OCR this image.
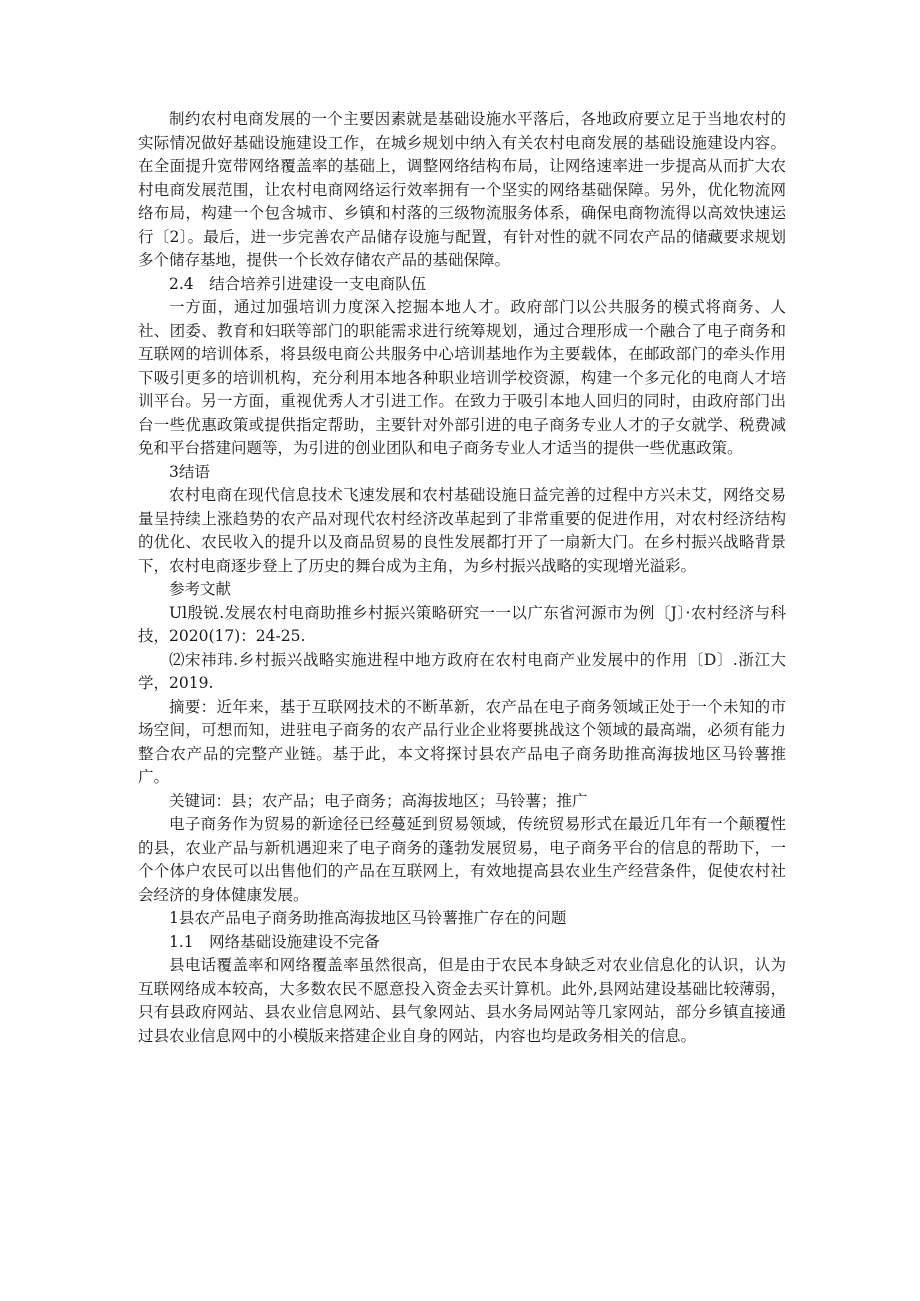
制约农村电商发展的一个主要因素就是基础设施水平落后，各地政府要立足于当地农村的实际情况做好基础设施建设工作，在城乡规划中纳入有关农村电商发展的基础设施建设内容。在全面提升宽带网络覆盖率的基础上，调整网络结构布局，让网络速率进一步提高从而扩大农村电商发展范围，让农村电商网络运行效率拥有一个坚实的网络基础保障。另外，优化物流网络布局，构建一个包含城市、乡镇和村落的三级物流服务体系，确保电商物流得以高效快速运行〔2〕。最后，进一步完善农产品储存设施与配置，有针对性的就不同农产品的储藏要求规划多个储存基地，提供一个长效存储农产品的基础保障。

2.4　结合培养引进建设一支电商队伍

一方面，通过加强培训力度深入挖掘本地人才。政府部门以公共服务的模式将商务、人社、团委、教育和妇联等部门的职能需求进行统筹规划，通过合理形成一个融合了电子商务和互联网的培训体系，将县级电商公共服务中心培训基地作为主要载体，在邮政部门的牵头作用下吸引更多的培训机构，充分利用本地各种职业培训学校资源，构建一个多元化的电商人才培训平台。另一方面，重视优秀人才引进工作。在致力于吸引本地人回归的同时，由政府部门出台一些优惠政策或提供指定帮助，主要针对外部引进的电子商务专业人才的子女就学、税费减免和平台搭建问题等，为引进的创业团队和电子商务专业人才适当的提供一些优惠政策。

3结语

农村电商在现代信息技术飞速发展和农村基础设施日益完善的过程中方兴未艾，网络交易量呈持续上涨趋势的农产品对现代农村经济改革起到了非常重要的促进作用，对农村经济结构的优化、农民收入的提升以及商品贸易的良性发展都打开了一扇新大门。在乡村振兴战略背景下，农村电商逐步登上了历史的舞台成为主角，为乡村振兴战略的实现增光溢彩。

参考文献

Ul殷锐.发展农村电商助推乡村振兴策略研究一一以广东省河源市为例〔J〕·农村经济与科技，2020(17)：24-25.

⑵宋祎玮.乡村振兴战略实施进程中地方政府在农村电商产业发展中的作用〔D〕.浙江大学，2019.

摘要：近年来，基于互联网技术的不断革新，农产品在电子商务领域正处于一个未知的市场空间，可想而知，进驻电子商务的农产品行业企业将要挑战这个领域的最高端，必须有能力整合农产品的完整产业链。基于此，本文将探讨县农产品电子商务助推高海拔地区马铃薯推广。

关键词：县；农产品；电子商务；高海拔地区；马铃薯；推广

电子商务作为贸易的新途径已经蔓延到贸易领域，传统贸易形式在最近几年有一个颠覆性的县，农业产品与新机遇迎来了电子商务的蓬勃发展贸易，电子商务平台的信息的帮助下，一个个体户农民可以出售他们的产品在互联网上，有效地提高县农业生产经营条件，促使农村社会经济的身体健康发展。

1县农产品电子商务助推高海拔地区马铃薯推广存在的问题

1.1　网络基础设施建设不完备

县电话覆盖率和网络覆盖率虽然很高，但是由于农民本身缺乏对农业信息化的认识，认为互联网络成本较高，大多数农民不愿意投入资金去买计算机。此外,县网站建设基础比较薄弱，只有县政府网站、县农业信息网站、县气象网站、县水务局网站等几家网站，部分乡镇直接通过县农业信息网中的小模版来搭建企业自身的网站，内容也均是政务相关的信息。
